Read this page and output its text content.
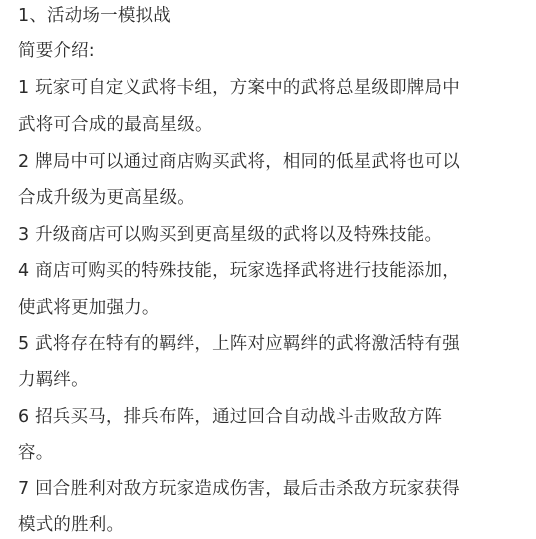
1、活动场一模拟战
简要介绍:
1 玩家可自定义武将卡组，方案中的武将总星级即牌局中
武将可合成的最高星级。
2 牌局中可以通过商店购买武将，相同的低星武将也可以
合成升级为更高星级。
3 升级商店可以购买到更高星级的武将以及特殊技能。
4 商店可购买的特殊技能，玩家选择武将进行技能添加，
使武将更加强力。
5 武将存在特有的羁绊，上阵对应羁绊的武将激活特有强
力羁绊。
6 招兵买马，排兵布阵，通过回合自动战斗击败敌方阵
容。
7 回合胜利对敌方玩家造成伤害，最后击杀敌方玩家获得
模式的胜利。
